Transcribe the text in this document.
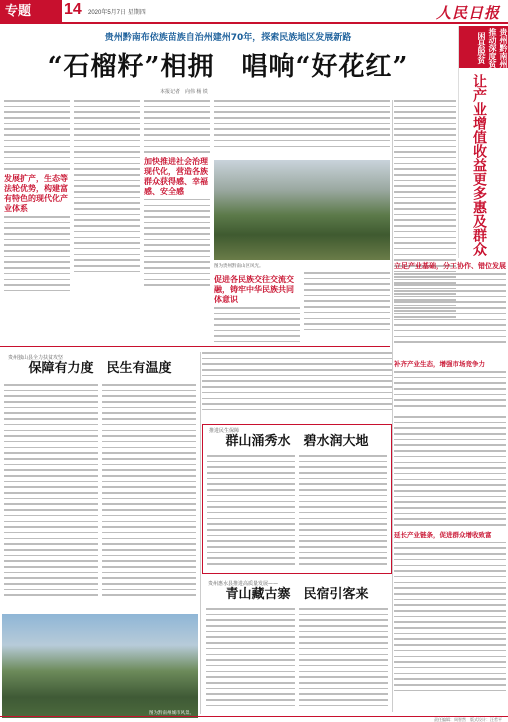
专题	14 2020年5月7日 星期四	人民日报
贵州黔南布依族苗族自治州建州70年，探索民族地区发展新路
“石榴籽”相拥　唱响“好花红”
本报记者　向伟 杨 铁
发展扩产，生态等法轮优势，构建富有特色的现代化产业体系
加快推进社会治理现代化，营造各族群众获得感、幸福感、安全感
图为贵州黔南山区风光。
促进各民族交往交流交融，铸牢中华民族共同体意识
贵州黔南州推动深度贫困县脱贫
让产业增值收益更多惠及群众
立足产业基础，分工协作、错位发展
补齐产业生态，增强市场竞争力
延长产业链条，促进群众增收致富
贵州独山县全力扶贫攻坚
保障有力度　民生有温度
推进民生保障
群山涌秀水　碧水润大地
图为黔南州城市风景。
贵州惠水县推进高质量发展——
青山藏古寨　民宿引客来
责任编辑：周智然　版式设计：汪哲平
